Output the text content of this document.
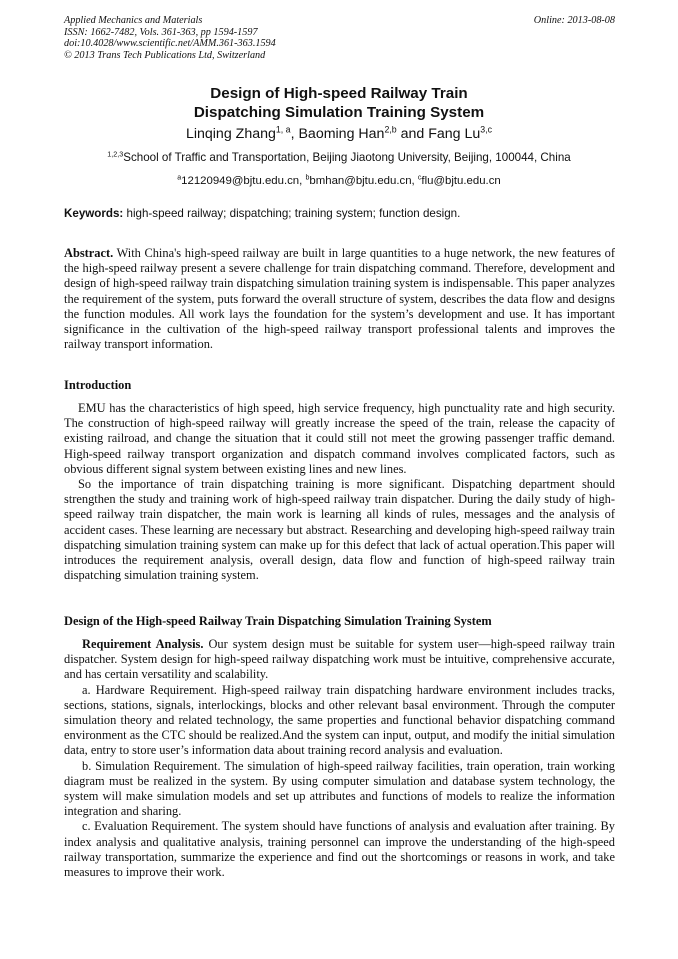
Applied Mechanics and Materials
ISSN: 1662-7482, Vols. 361-363, pp 1594-1597
doi:10.4028/www.scientific.net/AMM.361-363.1594
© 2013 Trans Tech Publications Ltd, Switzerland
Online: 2013-08-08
Design of High-speed Railway Train
Dispatching Simulation Training System
Linqing Zhang$^{1, a}$, Baoming Han$^{2,b}$ and Fang Lu$^{3,c}$
$^{1,2,3}$School of Traffic and Transportation, Beijing Jiaotong University, Beijing, 100044, China
$^a$12120949@bjtu.edu.cn, $^b$bmhan@bjtu.edu.cn, $^c$flu@bjtu.edu.cn
Keywords: high-speed railway; dispatching; training system; function design.

Abstract. With China's high-speed railway are built in large quantities to a huge network, the new features of the high-speed railway present a severe challenge for train dispatching command. Therefore, development and design of high-speed railway train dispatching simulation training system is indispensable. This paper analyzes the requirement of the system, puts forward the overall structure of system, describes the data flow and designs the function modules. All work lays the foundation for the system’s development and use. It has important significance in the cultivation of the high-speed railway transport professional talents and improves the railway transport information.

Introduction

EMU has the characteristics of high speed, high service frequency, high punctuality rate and high security. The construction of high-speed railway will greatly increase the speed of the train, release the capacity of existing railroad, and change the situation that it could still not meet the growing passenger traffic demand. High-speed railway transport organization and dispatch command involves complicated factors, such as obvious different signal system between existing lines and new lines.

So the importance of train dispatching training is more significant. Dispatching department should strengthen the study and training work of high-speed railway train dispatcher. During the daily study of high-speed railway train dispatcher, the main work is learning all kinds of rules, messages and the analysis of accident cases. These learning are necessary but abstract. Researching and developing high-speed railway train dispatching simulation training system can make up for this defect that lack of actual operation.This paper will introduces the requirement analysis, overall design, data flow and function of high-speed railway train dispatching simulation training system.

Design of the High-speed Railway Train Dispatching Simulation Training System

Requirement Analysis. Our system design must be suitable for system user—high-speed railway train dispatcher. System design for high-speed railway dispatching work must be intuitive, comprehensive accurate, and has certain versatility and scalability.

a. Hardware Requirement. High-speed railway train dispatching hardware environment includes tracks, sections, stations, signals, interlockings, blocks and other relevant basal environment. Through the computer simulation theory and related technology, the same properties and functional behavior dispatching command environment as the CTC should be realized.And the system can input, output, and modify the initial simulation data, entry to store user’s information data about training record analysis and evaluation.

b. Simulation Requirement. The simulation of high-speed railway facilities, train operation, train working diagram must be realized in the system. By using computer simulation and database system technology, the system will make simulation models and set up attributes and functions of models to realize the information integration and sharing.

c. Evaluation Requirement. The system should have functions of analysis and evaluation after training. By index analysis and qualitative analysis, training personnel can improve the understanding of the high-speed railway transportation, summarize the experience and find out the shortcomings or reasons in work, and take measures to improve their work.
